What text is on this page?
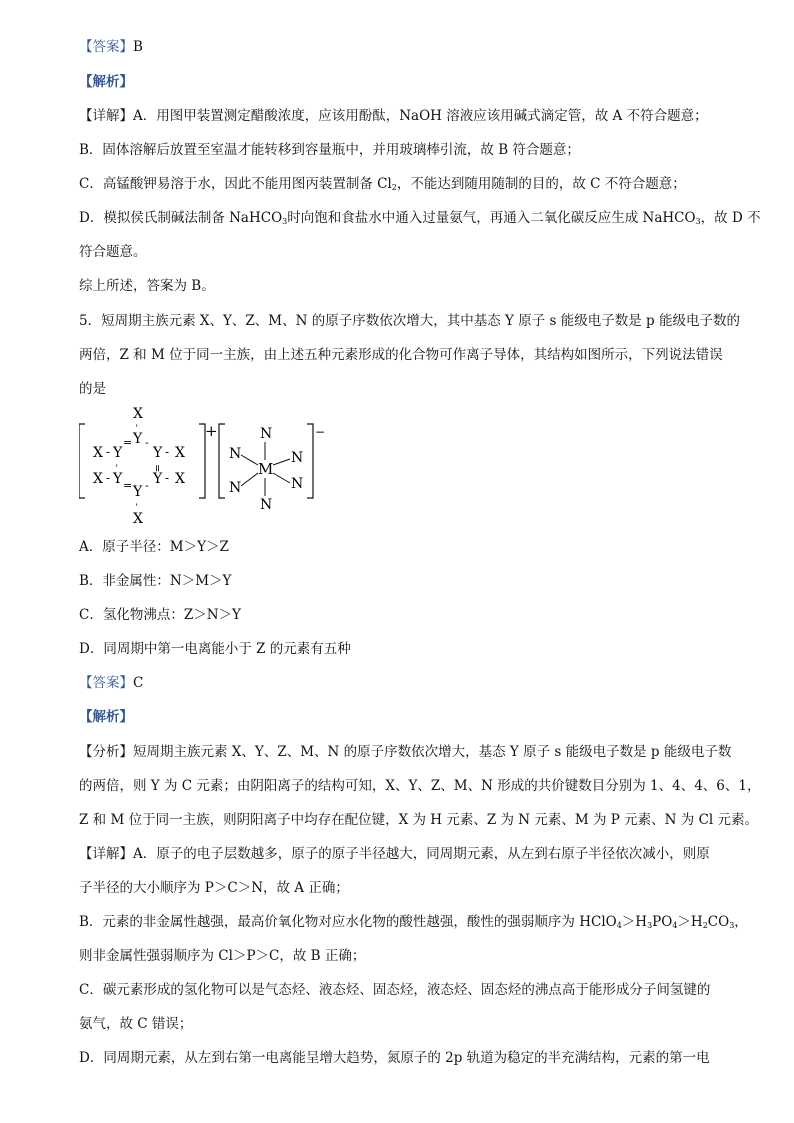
【答案】B
【解析】
【详解】A．用图甲装置测定醋酸浓度，应该用酚酞，NaOH 溶液应该用碱式滴定管，故 A 不符合题意；
B．固体溶解后放置至室温才能转移到容量瓶中，并用玻璃棒引流，故 B 符合题意；
C．高锰酸钾易溶于水，因此不能用图丙装置制备 $Cl_2$，不能达到随用随制的目的，故 C 不符合题意；
D．模拟侯氏制碱法制备 NaHCO$_3$时向饱和食盐水中通入过量氨气，再通入二氧化碳反应生成 NaHCO$_3$，故 D 不
符合题意。
综上所述，答案为 B。
5．短周期主族元素 X、Y、Z、M、N 的原子序数依次增大，其中基态 Y 原子 s 能级电子数是 p 能级电子数的
两倍，Z 和 M 位于同一主族，由上述五种元素形成的化合物可作离子导体，其结构如图所示，下列说法错误
的是
X
-
X - Y
= Y -
Y - X
-	=
X - Y = Y - Y - X
-
X
+	−
N
N
N
N
N
N
M
A．原子半径：M＞Y＞Z
B．非金属性：N＞M＞Y
C．氢化物沸点：Z＞N＞Y
D．同周期中第一电离能小于 Z 的元素有五种
【答案】C
【解析】
【分析】短周期主族元素 X、Y、Z、M、N 的原子序数依次增大，基态 Y 原子 s 能级电子数是 p 能级电子数
的两倍，则 Y 为 C 元素；由阴阳离子的结构可知，X、Y、Z、M、N 形成的共价键数目分别为 1、4、4、6、1，
Z 和 M 位于同一主族，则阴阳离子中均存在配位键，X 为 H 元素、Z 为 N 元素、M 为 P 元素、N 为 Cl 元素。
【详解】A．原子的电子层数越多，原子的原子半径越大，同周期元素，从左到右原子半径依次减小，则原
子半径的大小顺序为 P＞C＞N，故 A 正确；
B．元素的非金属性越强，最高价氧化物对应水化物的酸性越强，酸性的强弱顺序为 $HClO_4>H_3PO_4>H_2CO_3$，
则非金属性强弱顺序为 Cl＞P＞C，故 B 正确；
C．碳元素形成的氢化物可以是气态烃、液态烃、固态烃，液态烃、固态烃的沸点高于能形成分子间氢键的
氨气，故 C 错误；
D．同周期元素，从左到右第一电离能呈增大趋势，氮原子的 2p 轨道为稳定的半充满结构，元素的第一电
